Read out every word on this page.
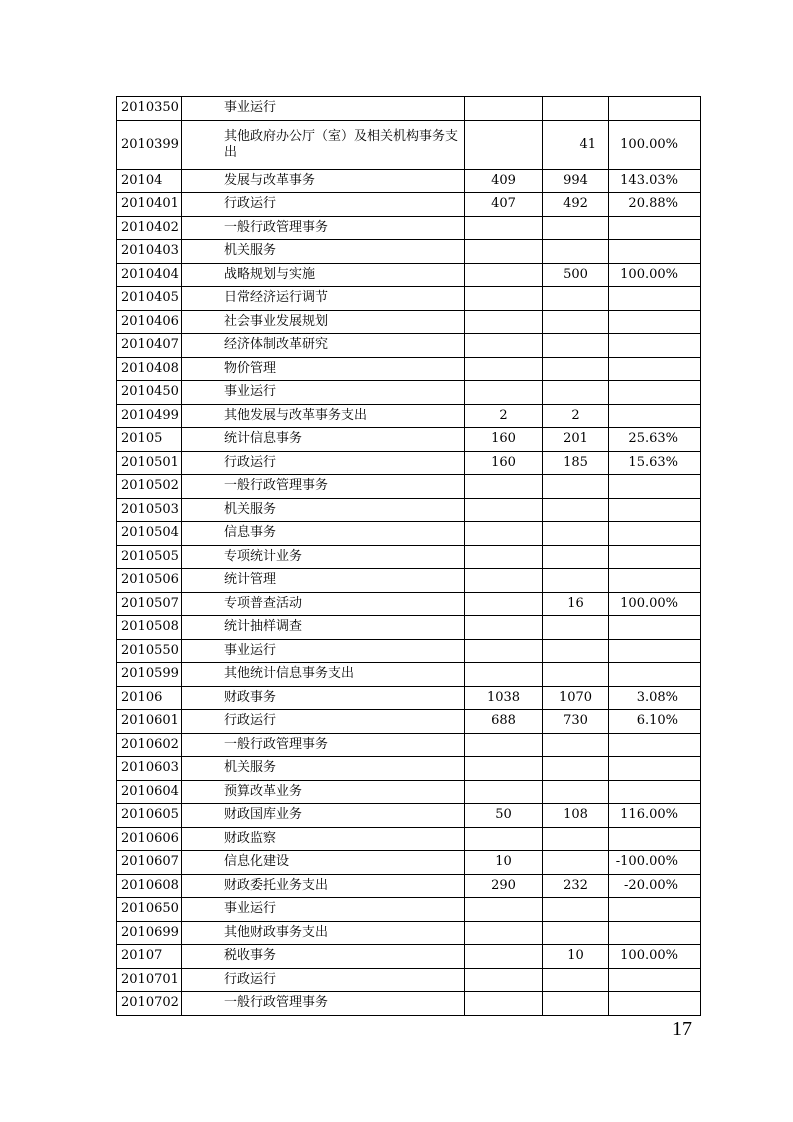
2010350	事业运行			
2010399	其他政府办公厅（室）及相关机构事务支出		41	100.00%
20104	发展与改革事务	409	994	143.03%
2010401	行政运行	407	492	20.88%
2010402	一般行政管理事务			
2010403	机关服务			
2010404	战略规划与实施		500	100.00%
2010405	日常经济运行调节			
2010406	社会事业发展规划			
2010407	经济体制改革研究			
2010408	物价管理			
2010450	事业运行			
2010499	其他发展与改革事务支出	2	2	
20105	统计信息事务	160	201	25.63%
2010501	行政运行	160	185	15.63%
2010502	一般行政管理事务			
2010503	机关服务			
2010504	信息事务			
2010505	专项统计业务			
2010506	统计管理			
2010507	专项普查活动		16	100.00%
2010508	统计抽样调查			
2010550	事业运行			
2010599	其他统计信息事务支出			
20106	财政事务	1038	1070	3.08%
2010601	行政运行	688	730	6.10%
2010602	一般行政管理事务			
2010603	机关服务			
2010604	预算改革业务			
2010605	财政国库业务	50	108	116.00%
2010606	财政监察			
2010607	信息化建设	10		-100.00%
2010608	财政委托业务支出	290	232	-20.00%
2010650	事业运行			
2010699	其他财政事务支出			
20107	税收事务		10	100.00%
2010701	行政运行			
2010702	一般行政管理事务			
17
